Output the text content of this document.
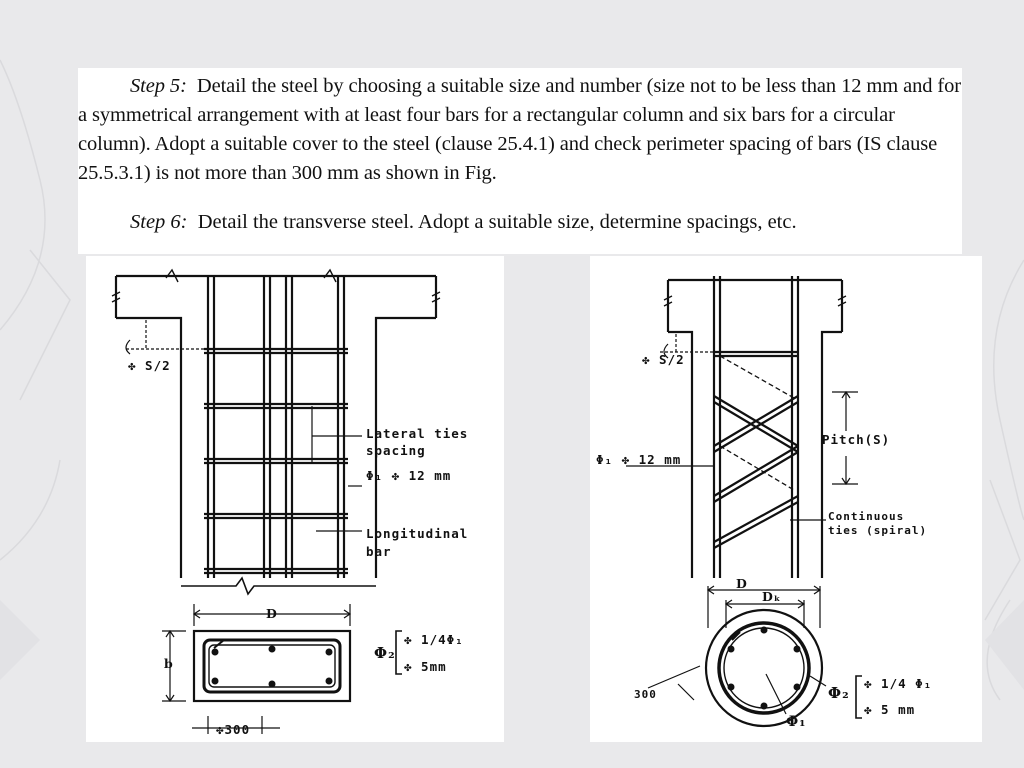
Step 5: Detail the steel by choosing a suitable size and number (size not to be less than 12 mm and for a symmetrical arrangement with at least four bars for a rectangular column and six bars for a circular column). Adopt a suitable cover to the steel (clause 25.4.1) and check perimeter spacing of bars (IS clause 25.5.3.1) is not more than 300 mm as shown in Fig.

Step 6: Detail the transverse steel. Adopt a suitable size, determine spacings, etc.

✤ S/2
Lateral ties
spacing
Φ₁ ✤ 12 mm
Longitudinal
bar
D
b
Φ₂
✤ 1/4Φ₁
✤ 5mm
✤300
✤ S/2
Φ₁ ✤ 12 mm
Pitch(S)
Continuous
ties (spiral)
D
Dₖ
300	Φ₂
✤ 1/4 Φ₁
✤ 5 mm
Φ₁
